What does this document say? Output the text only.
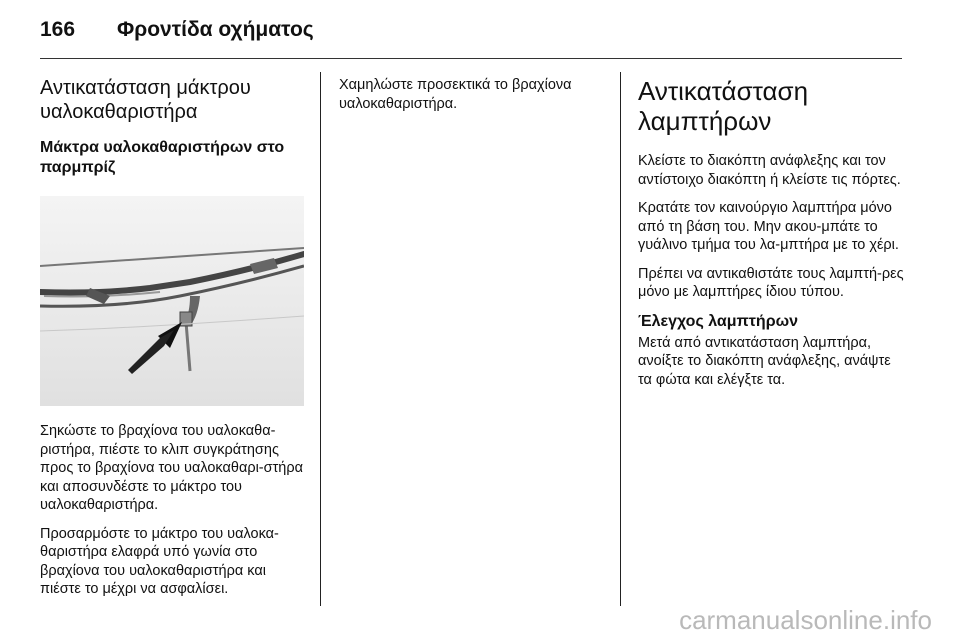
166 Φροντίδα οχήματος
Αντικατάσταση μάκτρου υαλοκαθαριστήρα
Μάκτρα υαλοκαθαριστήρων στο παρμπρίζ

Σηκώστε το βραχίονα του υαλοκαθα-ριστήρα, πιέστε το κλιπ συγκράτησης προς το βραχίονα του υαλοκαθαρι-στήρα και αποσυνδέστε το μάκτρο του υαλοκαθαριστήρα.

Προσαρμόστε το μάκτρο του υαλοκα-θαριστήρα ελαφρά υπό γωνία στο βραχίονα του υαλοκαθαριστήρα και πιέστε το μέχρι να ασφαλίσει.

Χαμηλώστε προσεκτικά το βραχίονα υαλοκαθαριστήρα.	Αντικατάσταση λαμπτήρων

Κλείστε το διακόπτη ανάφλεξης και τον αντίστοιχο διακόπτη ή κλείστε τις πόρτες.

Κρατάτε τον καινούργιο λαμπτήρα μόνο από τη βάση του. Μην ακου-μπάτε το γυάλινο τμήμα του λα-μπτήρα με το χέρι.

Πρέπει να αντικαθιστάτε τους λαμπτή-ρες μόνο με λαμπτήρες ίδιου τύπου.

Έλεγχος λαμπτήρων

Μετά από αντικατάσταση λαμπτήρα, ανοίξτε το διακόπτη ανάφλεξης, ανάψτε τα φώτα και ελέγξτε τα.

carmanualsonline.info
